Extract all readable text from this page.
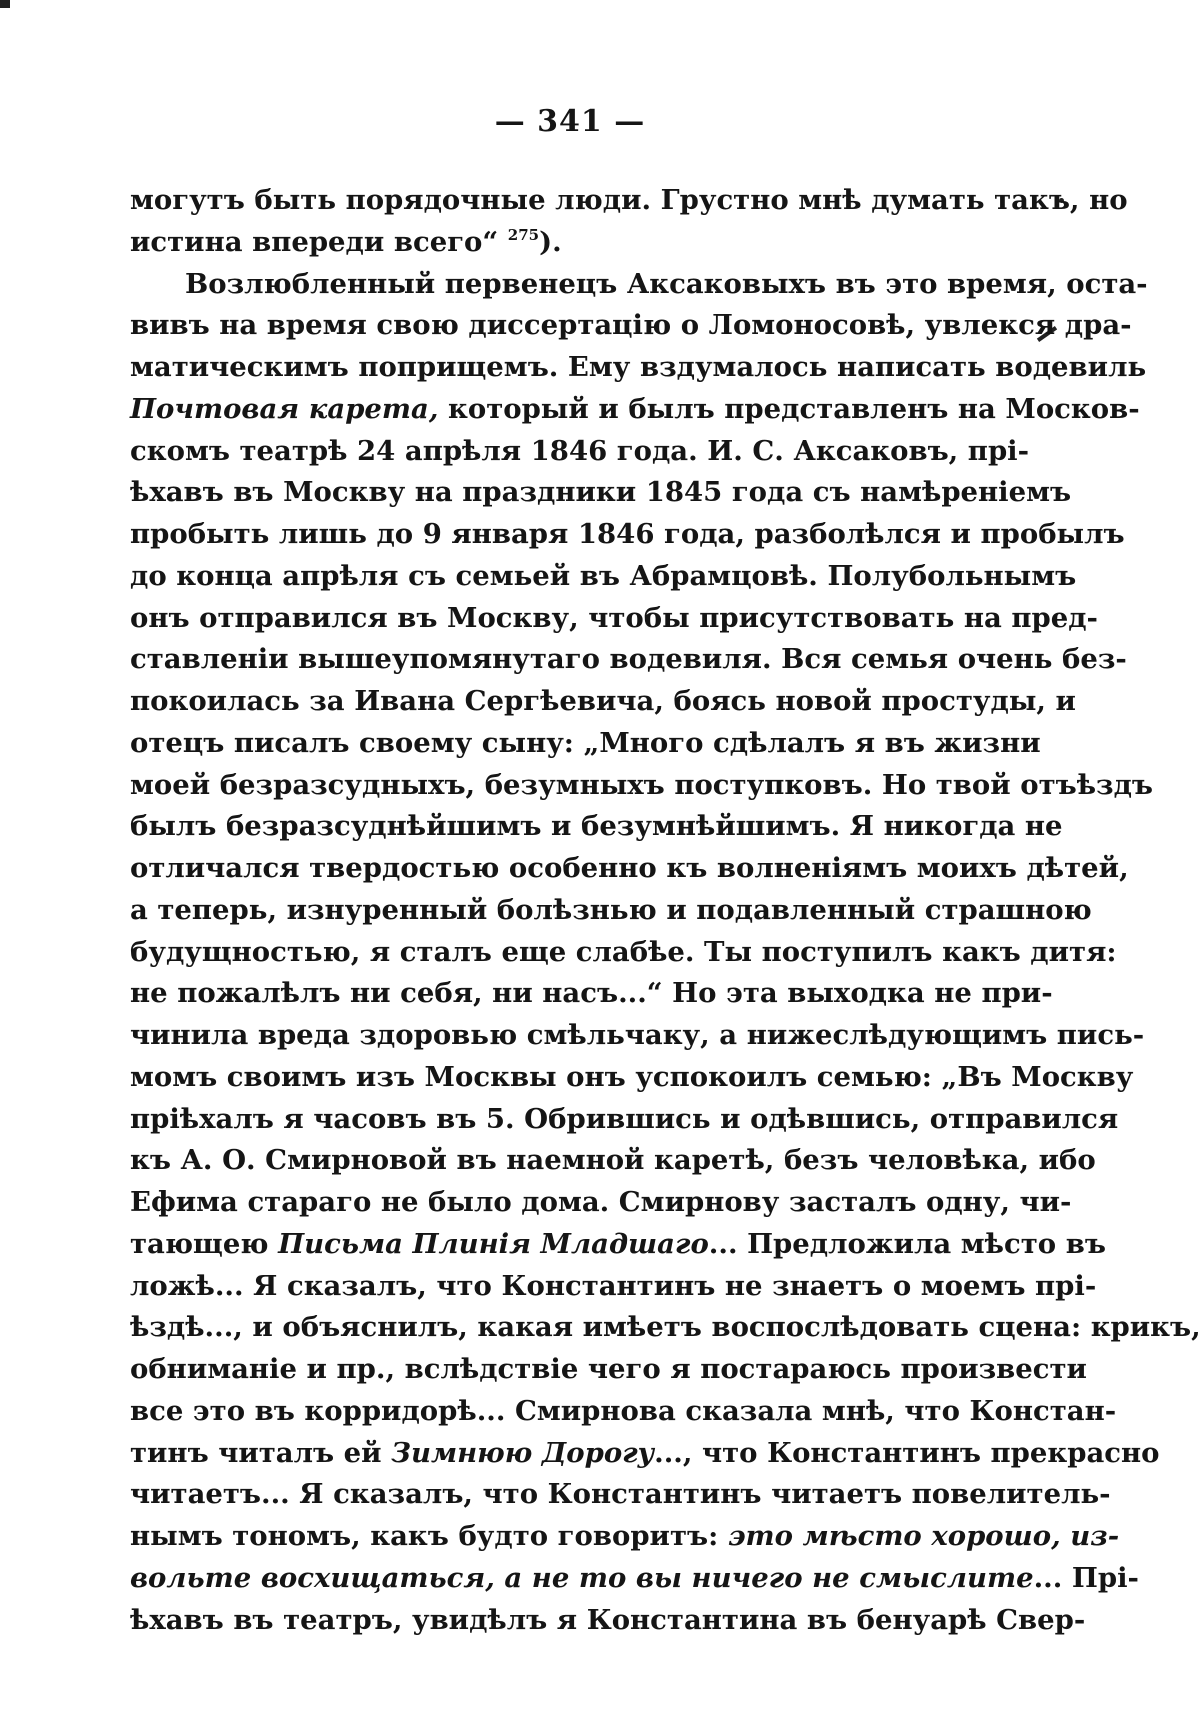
— 341 —
могутъ быть порядочные люди. Грустно мнѣ думать такъ, но
истина впереди всего“ $^{275}$).
Возлюбленный первенецъ Аксаковыхъ въ это время, оста-
вивъ на время свою диссертацію о Ломоносовѣ, увлекся дра-
матическимъ поприщемъ. Ему вздумалось написать водевиль
Почтовая карета, который и былъ представленъ на Москов-
скомъ театрѣ 24 апрѣля 1846 года. И. С. Аксаковъ, прі-
ѣхавъ въ Москву на праздники 1845 года съ намѣреніемъ
пробыть лишь до 9 января 1846 года, разболѣлся и пробылъ
до конца апрѣля съ семьей въ Абрамцовѣ. Полубольнымъ
онъ отправился въ Москву, чтобы присутствовать на пред-
ставленіи вышеупомянутаго водевиля. Вся семья очень без-
покоилась за Ивана Сергѣевича, боясь новой простуды, и
отецъ писалъ своему сыну: „Много сдѣлалъ я въ жизни
моей безразсудныхъ, безумныхъ поступковъ. Но твой отъѣздъ
былъ безразсуднѣйшимъ и безумнѣйшимъ. Я никогда не
отличался твердостью особенно къ волненіямъ моихъ дѣтей,
а теперь, изнуренный болѣзнью и подавленный страшною
будущностью, я сталъ еще слабѣе. Ты поступилъ какъ дитя:
не пожалѣлъ ни себя, ни насъ...“ Но эта выходка не при-
чинила вреда здоровью смѣльчаку, а нижеслѣдующимъ пись-
момъ своимъ изъ Москвы онъ успокоилъ семью: „Въ Москву
пріѣхалъ я часовъ въ 5. Обрившись и одѣвшись, отправился
къ А. О. Смирновой въ наемной каретѣ, безъ человѣка, ибо
Ефима стараго не было дома. Смирнову засталъ одну, чи-
тающею Письма Плинія Младшаго... Предложила мѣсто въ
ложѣ... Я сказалъ, что Константинъ не знаетъ о моемъ прі-
ѣздѣ..., и объяснилъ, какая имѣетъ воспослѣдовать сцена: крикъ,
обниманіе и пр., вслѣдствіе чего я постараюсь произвести
все это въ корридорѣ... Смирнова сказала мнѣ, что Констан-
тинъ читалъ ей Зимнюю Дорогу..., что Константинъ прекрасно
читаетъ... Я сказалъ, что Константинъ читаетъ повелитель-
нымъ тономъ, какъ будто говоритъ: это мѣсто хорошо, из-
вольте восхищаться, а не то вы ничего не смыслите... Прі-
ѣхавъ въ театръ, увидѣлъ я Константина въ бенуарѣ Свер-
